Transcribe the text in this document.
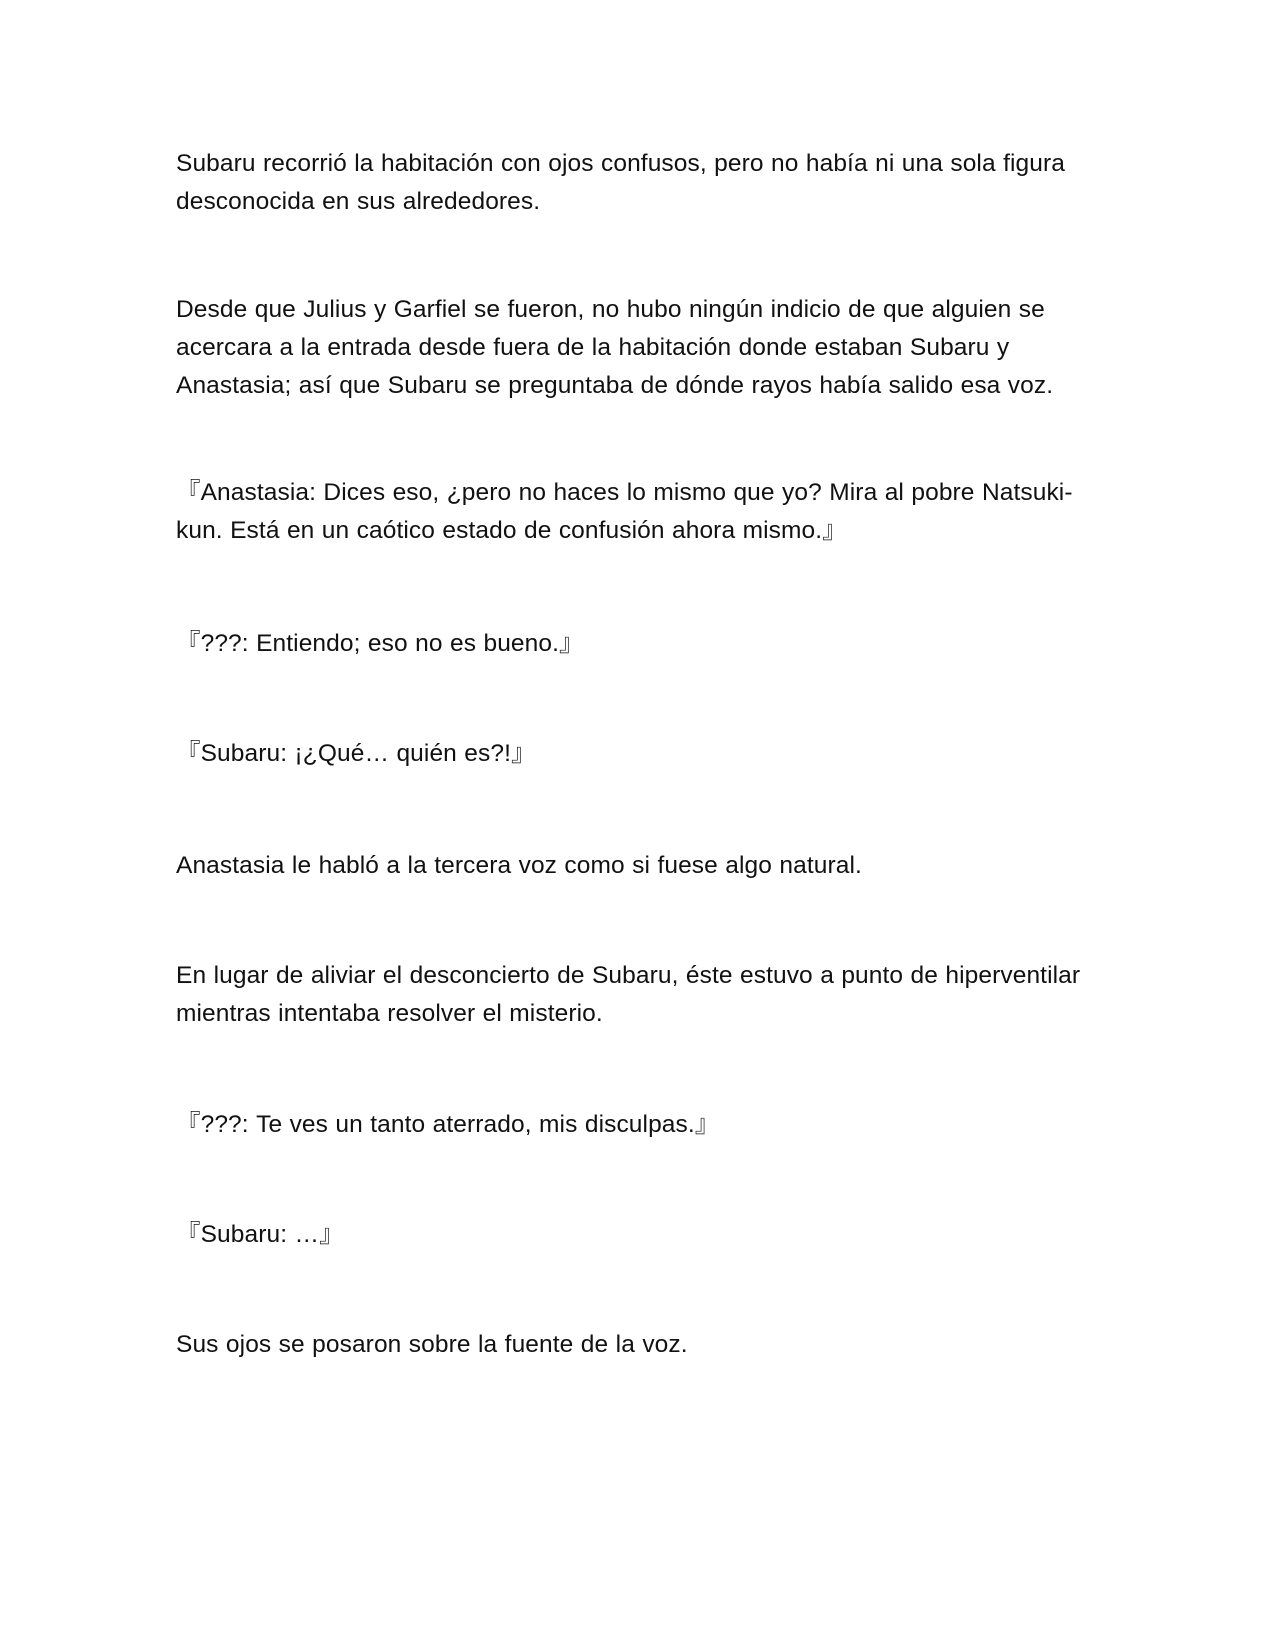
Subaru recorrió la habitación con ojos confusos, pero no había ni una sola figura desconocida en sus alrededores.

Desde que Julius y Garfiel se fueron, no hubo ningún indicio de que alguien se acercara a la entrada desde fuera de la habitación donde estaban Subaru y Anastasia; así que Subaru se preguntaba de dónde rayos había salido esa voz.

『Anastasia: Dices eso, ¿pero no haces lo mismo que yo? Mira al pobre Natsuki-kun. Está en un caótico estado de confusión ahora mismo.』

『???: Entiendo; eso no es bueno.』

『Subaru: ¡¿Qué… quién es?!』

Anastasia le habló a la tercera voz como si fuese algo natural.

En lugar de aliviar el desconcierto de Subaru, éste estuvo a punto de hiperventilar mientras intentaba resolver el misterio.

『???: Te ves un tanto aterrado, mis disculpas.』

『Subaru: …』

Sus ojos se posaron sobre la fuente de la voz.
